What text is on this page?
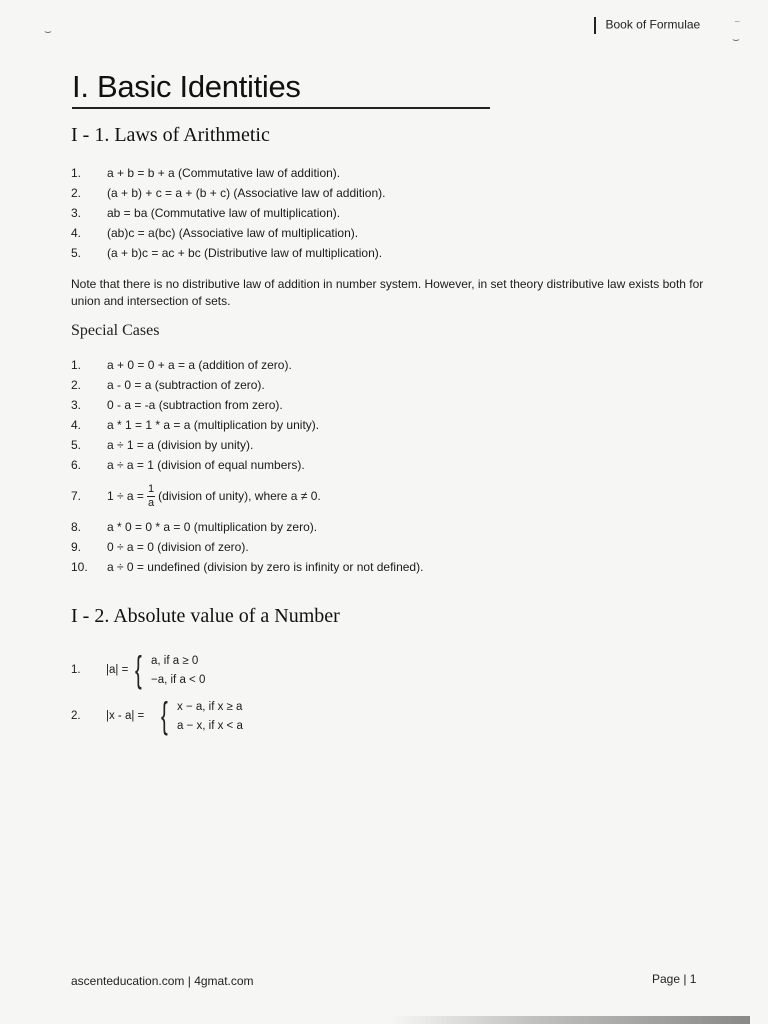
Book of Formulae
⌣
⁻
⌣
I. Basic Identities
I - 1. Laws of Arithmetic
1. a + b = b + a (Commutative law of addition).
2. (a + b) + c = a + (b + c) (Associative law of addition).
3. ab = ba (Commutative law of multiplication).
4. (ab)c = a(bc) (Associative law of multiplication).
5. (a + b)c = ac + bc (Distributive law of multiplication).

Note that there is no distributive law of addition in number system. However, in set theory distributive law exists both for union and intersection of sets.

Special Cases
1. a + 0 = 0 + a = a (addition of zero).
2. a - 0 = a (subtraction of zero).
3. 0 - a = -a (subtraction from zero).
4. a * 1 = 1 * a = a (multiplication by unity).
5. a ÷ 1 = a (division by unity).
6. a ÷ a = 1 (division of equal numbers).
7. $1 \div a = \frac{1}{a}$ (division of unity), where a ≠ 0.
8. a * 0 = 0 * a = 0 (multiplication by zero).
9. 0 ÷ a = 0 (division of zero).
10. a ÷ 0 = undefined (division by zero is infinity or not defined).
I - 2. Absolute value of a Number
1. |a| = { a, if a ≥ 0
−a, if a < 0
2. |x - a| = { x − a, if x ≥ a
a − x, if x < a
ascenteducation.com | 4gmat.com	Page | 1
